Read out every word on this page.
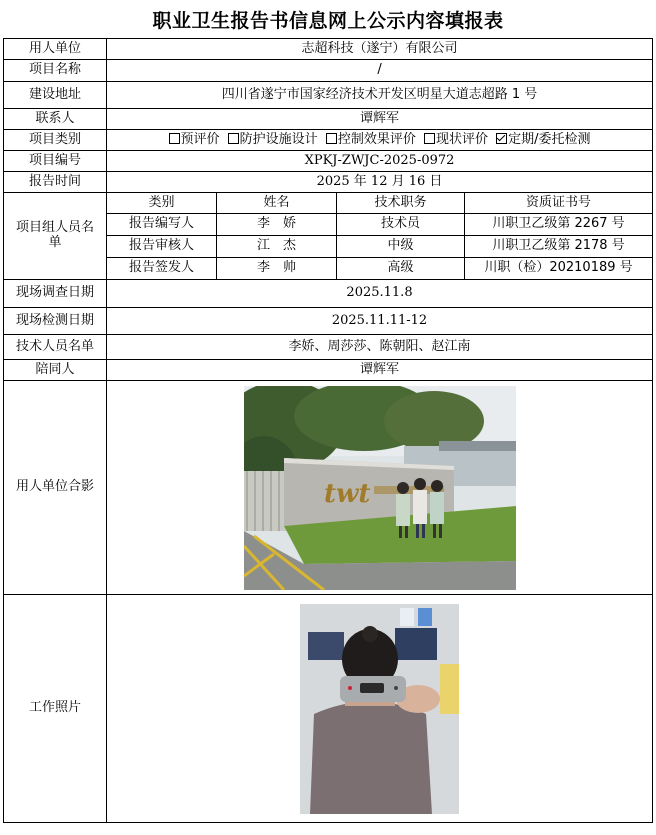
职业卫生报告书信息网上公示内容填报表
用人单位	志超科技（遂宁）有限公司			
项目名称	/			
建设地址	四川省遂宁市国家经济技术开发区明星大道志超路 1 号			
联系人	谭辉军			
项目类别	预评价 防护设施设计 控制效果评价 现状评价 定期/委托检测			
项目编号	XPKJ-ZWJC-2025-0972			
报告时间	2025 年 12 月 16 日			
项目组人员名单	类别	姓名	技术职务	资质证书号
	报告编写人	李　娇	技术员	川职卫乙级第 2267 号
	报告审核人	江　杰	中级	川职卫乙级第 2178 号
	报告签发人	李　帅	高级	川职（检）20210189 号
现场调查日期	2025.11.8			
现场检测日期	2025.11.11-12			
技术人员名单	李娇、周莎莎、陈朝阳、赵江南			
陪同人	谭辉军			
用人单位合影	twt			

工作照片	
